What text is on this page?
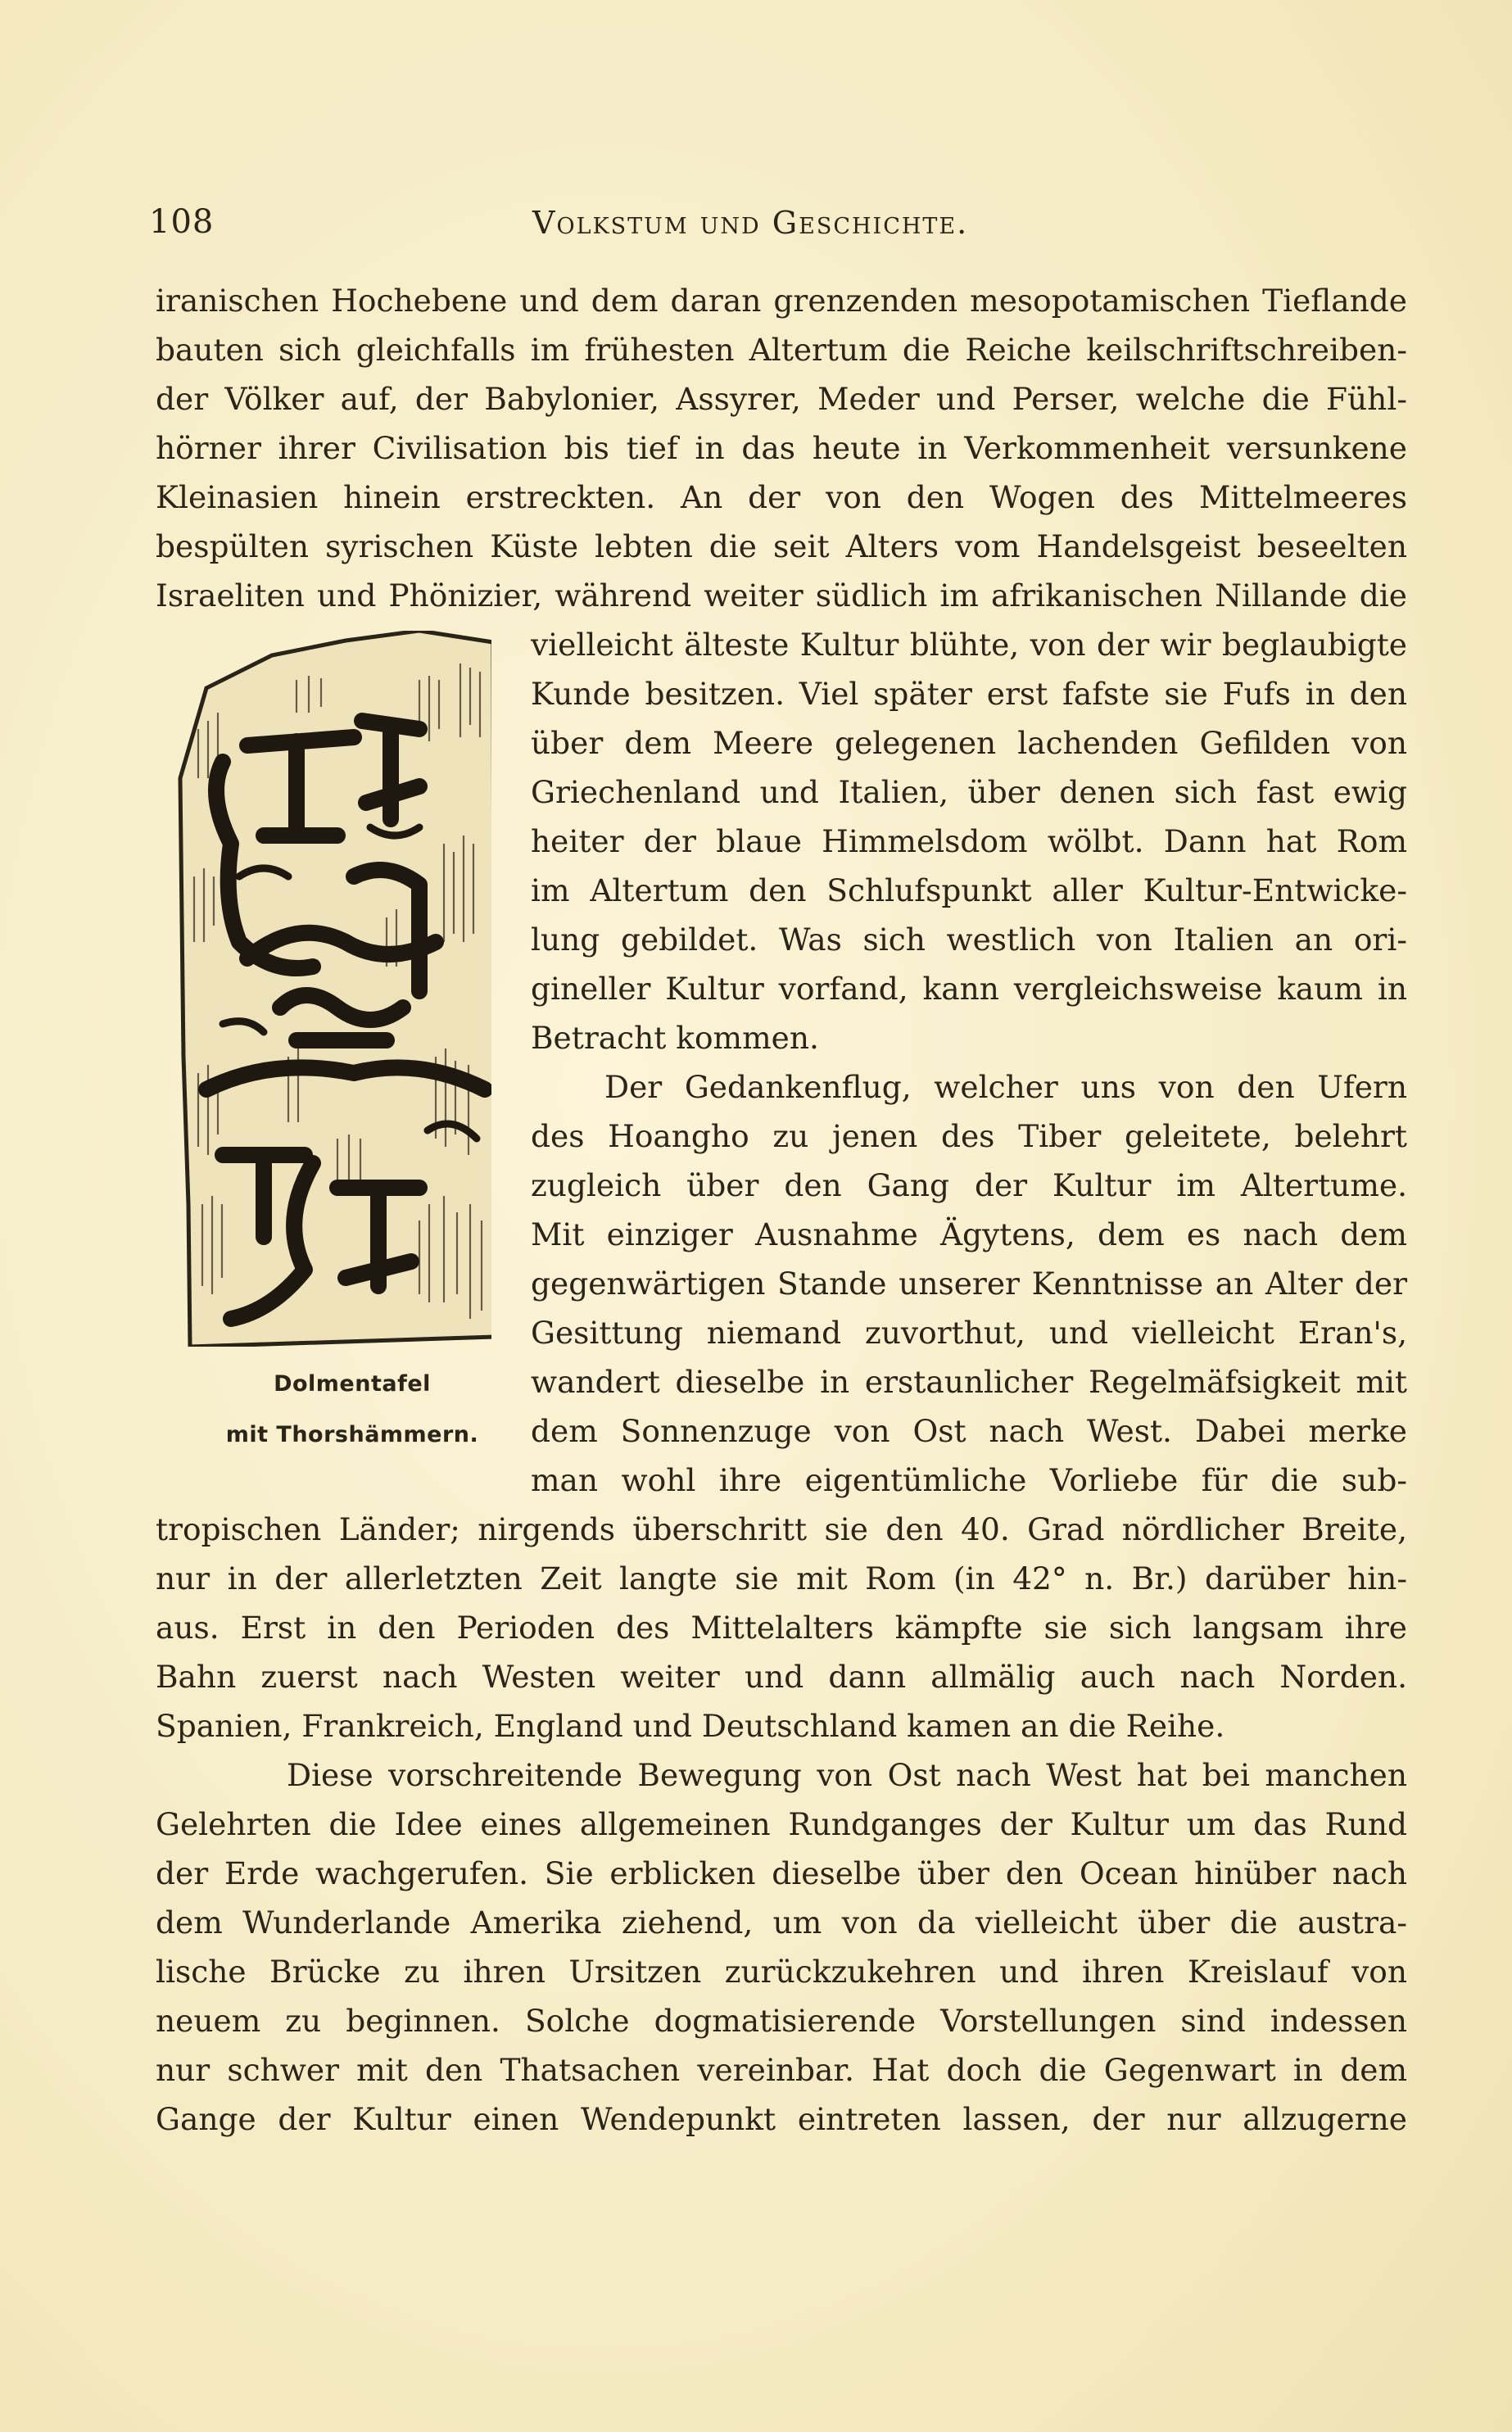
108	Volkstum und Geschichte.
Dolmentafel
mit Thorshämmern.
iranischen Hochebene und dem daran grenzenden mesopotamischen Tieflande
bauten sich gleichfalls im frühesten Altertum die Reiche keilschriftschreiben-
der Völker auf, der Babylonier, Assyrer, Meder und Perser, welche die Fühl-
hörner ihrer Civilisation bis tief in das heute in Verkommenheit versunkene
Kleinasien hinein erstreckten. An der von den Wogen des Mittelmeeres
bespülten syrischen Küste lebten die seit Alters vom Handelsgeist beseelten
Israeliten und Phönizier, während weiter südlich im afrikanischen Nillande die
vielleicht älteste Kultur blühte, von der wir beglaubigte
Kunde besitzen. Viel später erst fafste sie Fufs in den
über dem Meere gelegenen lachenden Gefilden von
Griechenland und Italien, über denen sich fast ewig
heiter der blaue Himmelsdom wölbt. Dann hat Rom
im Altertum den Schlufspunkt aller Kultur-Entwicke-
lung gebildet. Was sich westlich von Italien an ori-
gineller Kultur vorfand, kann vergleichsweise kaum in
Betracht kommen.
Der Gedankenflug, welcher uns von den Ufern
des Hoangho zu jenen des Tiber geleitete, belehrt
zugleich über den Gang der Kultur im Altertume.
Mit einziger Ausnahme Ägytens, dem es nach dem
gegenwärtigen Stande unserer Kenntnisse an Alter der
Gesittung niemand zuvorthut, und vielleicht Eran's,
wandert dieselbe in erstaunlicher Regelmäfsigkeit mit
dem Sonnenzuge von Ost nach West. Dabei merke
man wohl ihre eigentümliche Vorliebe für die sub-
tropischen Länder; nirgends überschritt sie den 40. Grad nördlicher Breite,
nur in der allerletzten Zeit langte sie mit Rom (in 42° n. Br.) darüber hin-
aus. Erst in den Perioden des Mittelalters kämpfte sie sich langsam ihre
Bahn zuerst nach Westen weiter und dann allmälig auch nach Norden.
Spanien, Frankreich, England und Deutschland kamen an die Reihe.
Diese vorschreitende Bewegung von Ost nach West hat bei manchen
Gelehrten die Idee eines allgemeinen Rundganges der Kultur um das Rund
der Erde wachgerufen. Sie erblicken dieselbe über den Ocean hinüber nach
dem Wunderlande Amerika ziehend, um von da vielleicht über die austra-
lische Brücke zu ihren Ursitzen zurückzukehren und ihren Kreislauf von
neuem zu beginnen. Solche dogmatisierende Vorstellungen sind indessen
nur schwer mit den Thatsachen vereinbar. Hat doch die Gegenwart in dem
Gange der Kultur einen Wendepunkt eintreten lassen, der nur allzugerne
